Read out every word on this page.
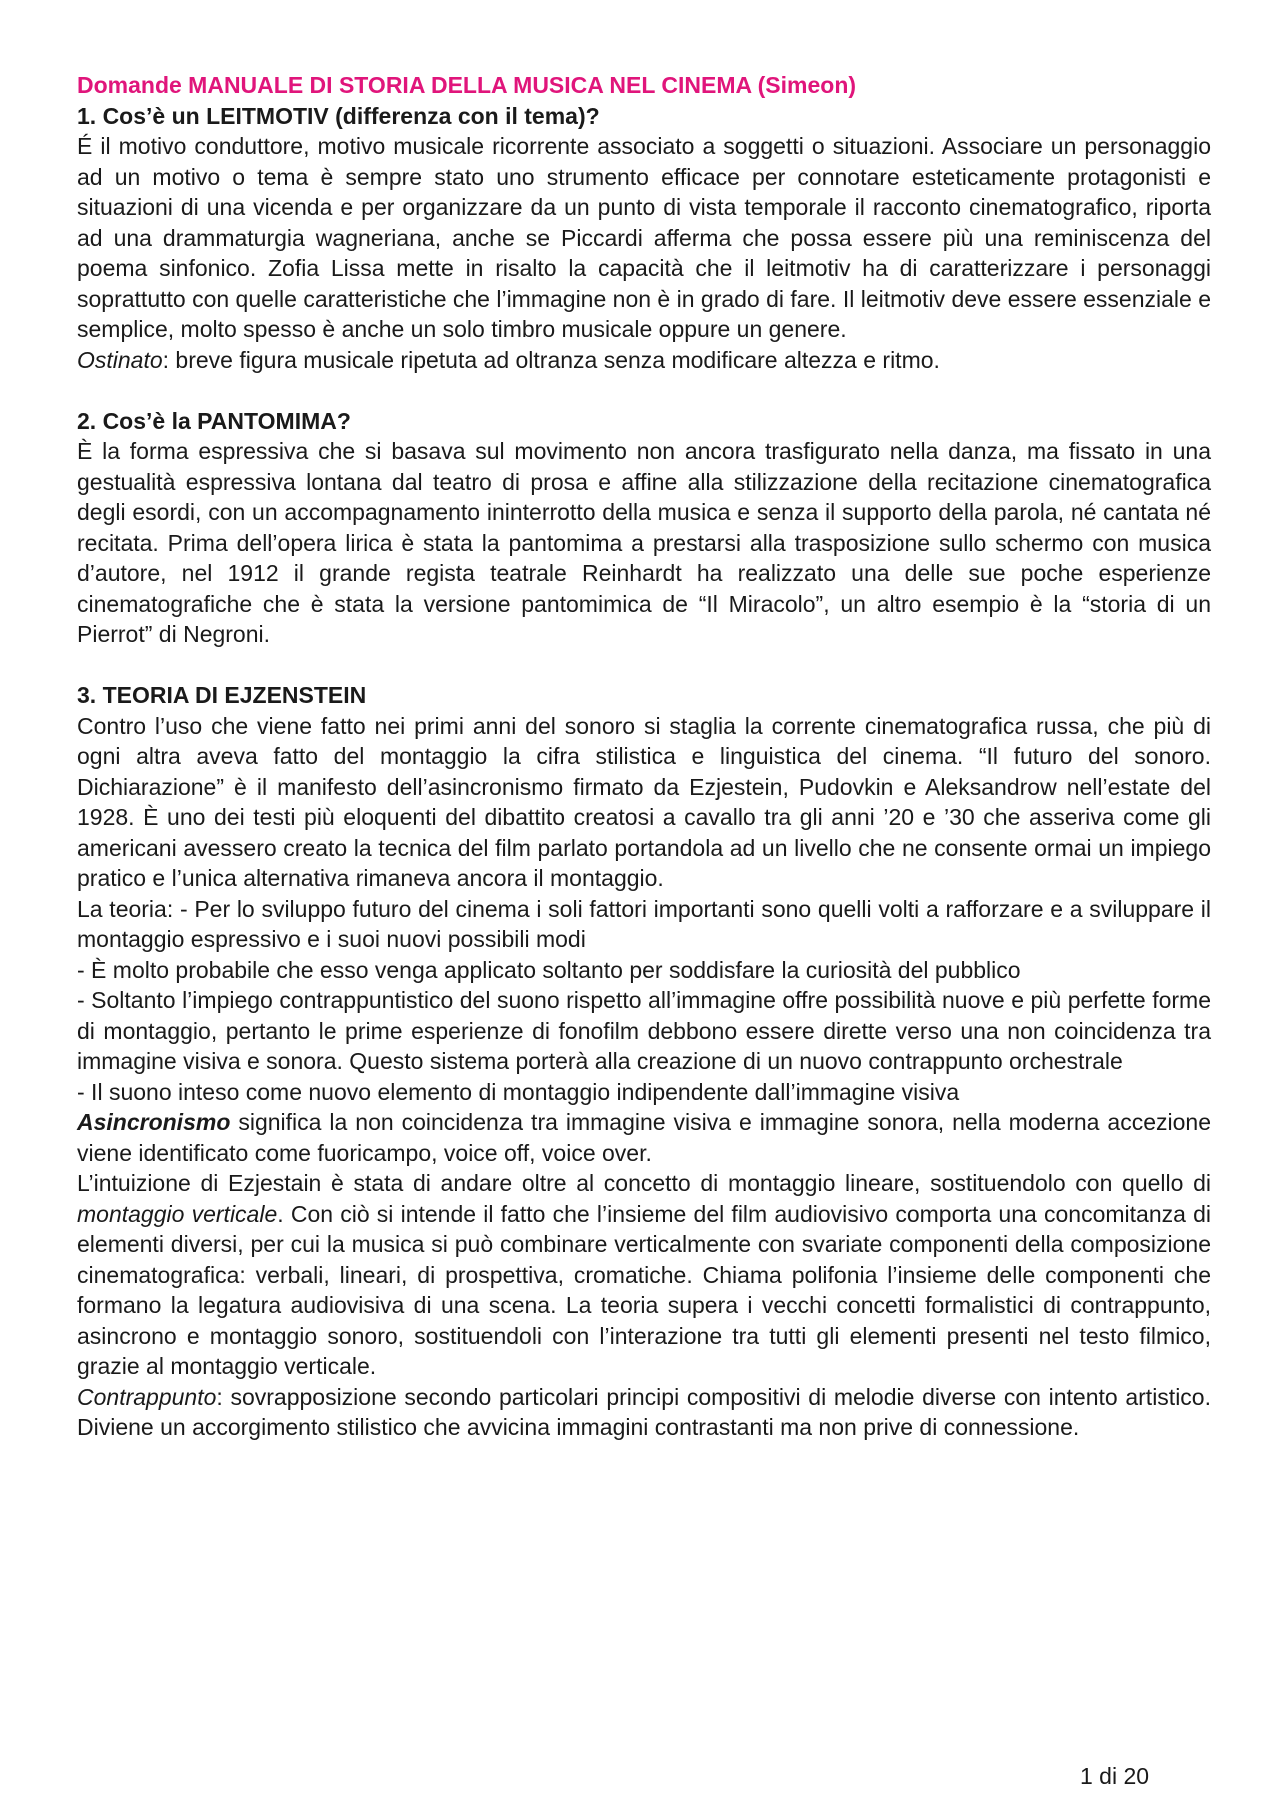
Domande MANUALE DI STORIA DELLA MUSICA NEL CINEMA (Simeon)

1. Cos’è un LEITMOTIV (differenza con il tema)?

É il motivo conduttore, motivo musicale ricorrente associato a soggetti o situazioni. Associare un personaggio ad un motivo o tema è sempre stato uno strumento efficace per connotare esteticamente protagonisti e situazioni di una vicenda e per organizzare da un punto di vista temporale il racconto cinematografico, riporta ad una drammaturgia wagneriana, anche se Piccardi afferma che possa essere più una reminiscenza del poema sinfonico. Zofia Lissa mette in risalto la capacità che il leitmotiv ha di caratterizzare i personaggi soprattutto con quelle caratteristiche che l’immagine non è in grado di fare. Il leitmotiv deve essere essenziale e semplice, molto spesso è anche un solo timbro musicale oppure un genere.

Ostinato: breve figura musicale ripetuta ad oltranza senza modificare altezza e ritmo.

2. Cos’è la PANTOMIMA?

È la forma espressiva che si basava sul movimento non ancora trasfigurato nella danza, ma fissato in una gestualità espressiva lontana dal teatro di prosa e affine alla stilizzazione della recitazione cinematografica degli esordi, con un accompagnamento ininterrotto della musica e senza il supporto della parola, né cantata né recitata. Prima dell’opera lirica è stata la pantomima a prestarsi alla trasposizione sullo schermo con musica d’autore, nel 1912 il grande regista teatrale Reinhardt ha realizzato una delle sue poche esperienze cinematografiche che è stata la versione pantomimica de “Il Miracolo”, un altro esempio è la “storia di un Pierrot” di Negroni.

3. TEORIA DI EJZENSTEIN

Contro l’uso che viene fatto nei primi anni del sonoro si staglia la corrente cinematografica russa, che più di ogni altra aveva fatto del montaggio la cifra stilistica e linguistica del cinema. “Il futuro del sonoro. Dichiarazione” è il manifesto dell’asincronismo firmato da Ezjestein, Pudovkin e Aleksandrow nell’estate del 1928. È uno dei testi più eloquenti del dibattito creatosi a cavallo tra gli anni ’20 e ’30 che asseriva come gli americani avessero creato la tecnica del film parlato portandola ad un livello che ne consente ormai un impiego pratico e l’unica alternativa rimaneva ancora il montaggio.

La teoria: - Per lo sviluppo futuro del cinema i soli fattori importanti sono quelli volti a rafforzare e a sviluppare il montaggio espressivo e i suoi nuovi possibili modi

- È molto probabile che esso venga applicato soltanto per soddisfare la curiosità del pubblico

- Soltanto l’impiego contrappuntistico del suono rispetto all’immagine offre possibilità nuove e più perfette forme di montaggio, pertanto le prime esperienze di fonofilm debbono essere dirette verso una non coincidenza tra immagine visiva e sonora. Questo sistema porterà alla creazione di un nuovo contrappunto orchestrale

- Il suono inteso come nuovo elemento di montaggio indipendente dall’immagine visiva

Asincronismo significa la non coincidenza tra immagine visiva e immagine sonora, nella moderna accezione viene identificato come fuoricampo, voice off, voice over.

L’intuizione di Ezjestain è stata di andare oltre al concetto di montaggio lineare, sostituendolo con quello di montaggio verticale. Con ciò si intende il fatto che l’insieme del film audiovisivo comporta una concomitanza di elementi diversi, per cui la musica si può combinare verticalmente con svariate componenti della composizione cinematografica: verbali, lineari, di prospettiva, cromatiche. Chiama polifonia l’insieme delle componenti che formano la legatura audiovisiva di una scena. La teoria supera i vecchi concetti formalistici di contrappunto, asincrono e montaggio sonoro, sostituendoli con l’interazione tra tutti gli elementi presenti nel testo filmico, grazie al montaggio verticale.

Contrappunto: sovrapposizione secondo particolari principi compositivi di melodie diverse con intento artistico. Diviene un accorgimento stilistico che avvicina immagini contrastanti ma non prive di connessione.

1 di 20
